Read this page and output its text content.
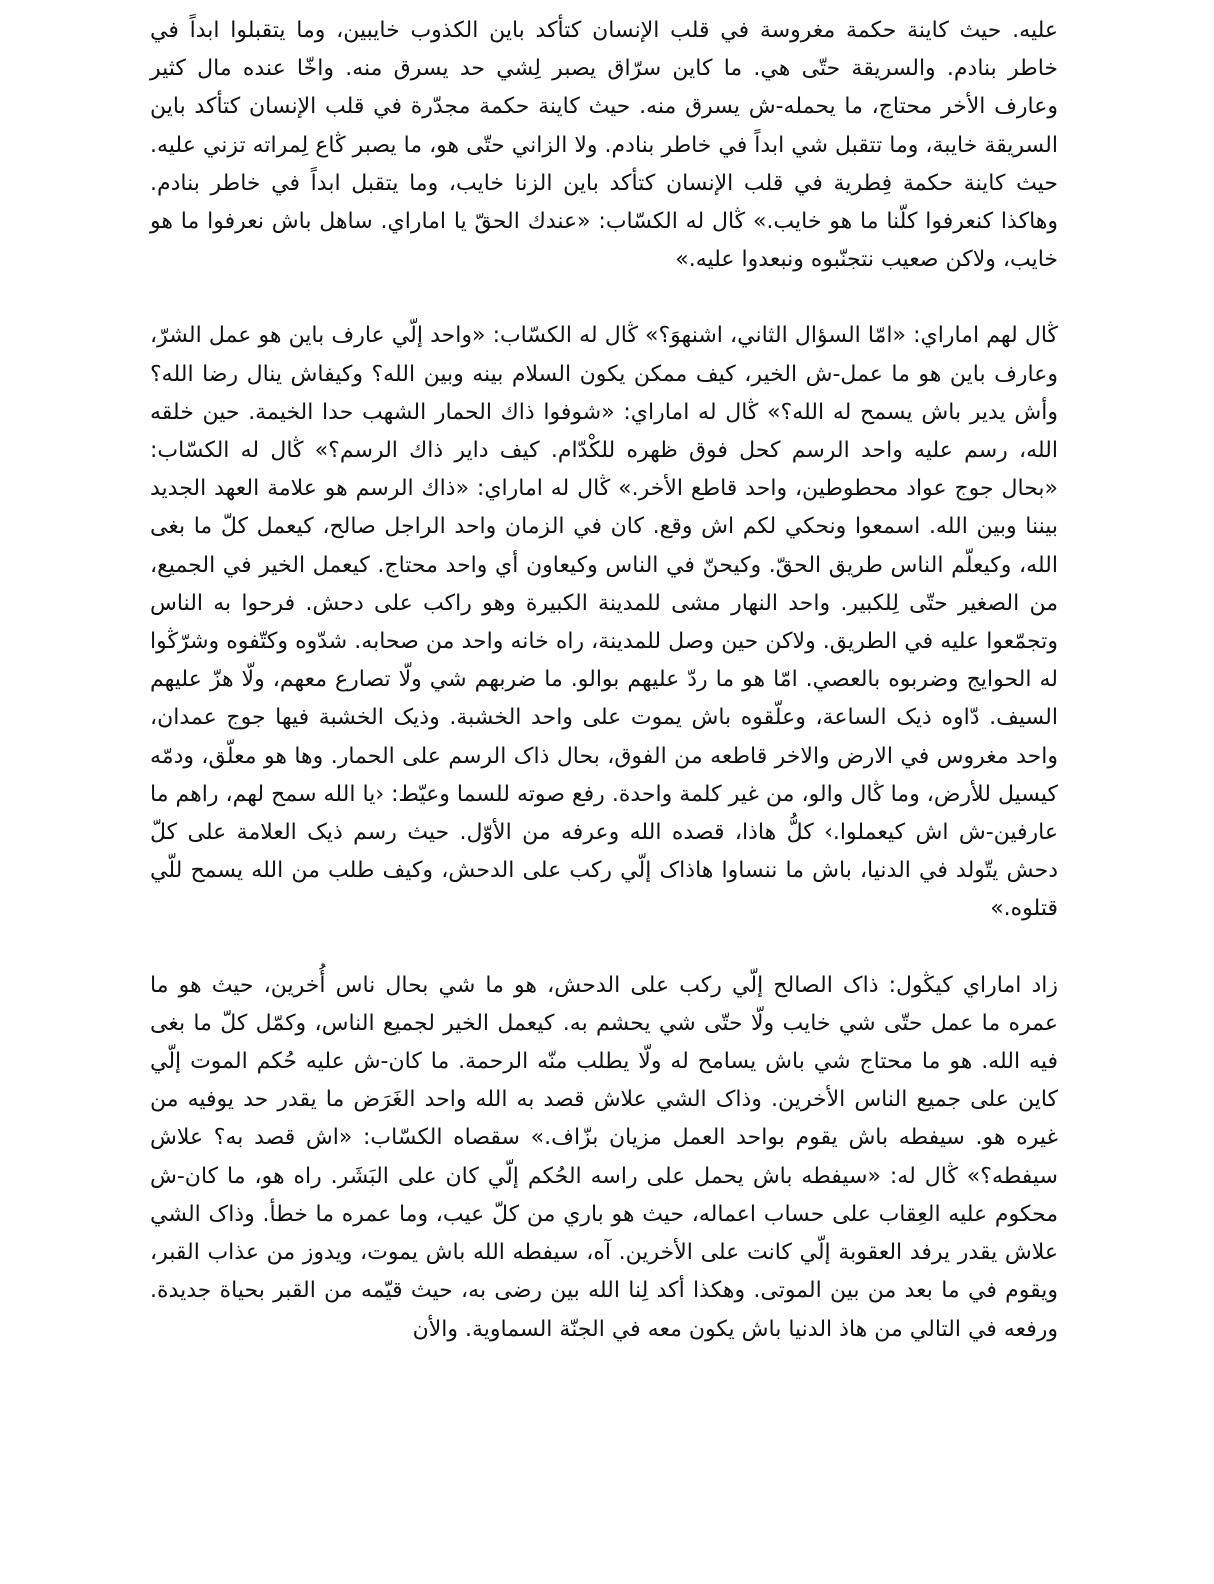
عليه. حيث كاينة حكمة مغروسة في قلب الإنسان كتأكد باين الكذوب خايبين، وما يتقبلوا ابداً في خاطر بنادم. والسريقة حتّى هي. ما كاين سرّاق يصبر لِشي حد يسرق منه. واخّا عنده مال كثير وعارف الأخر محتاج، ما يحمله-ش يسرق منه. حيث كاينة حكمة مجدّرة في قلب الإنسان كتأكد باين السريقة خايبة، وما تتقبل شي ابداً في خاطر بنادم. ولا الزاني حتّى هو، ما يصبر ڭاع لِمراته تزني عليه. حيث كاينة حكمة فِطرية في قلب الإنسان كتأكد باين الزنا خايب، وما يتقبل ابداً في خاطر بنادم. وهاكذا كنعرفوا كلّنا ما هو خايب.» ڭال له الكسّاب: «عندك الحقّ يا اماراي. ساهل باش نعرفوا ما هو خايب، ولاكن صعيب نتجنّبوه ونبعدوا عليه.»

ڭال لهم اماراي: «امّا السؤال الثاني، اشنهوَ؟» ڭال له الكسّاب: «واحد إلّي عارف باين هو عمل الشرّ، وعارف باين هو ما عمل-ش الخير، كيف ممكن يكون السلام بينه وبين الله؟ وكيفاش ينال رضا الله؟ وأش يدير باش يسمح له الله؟» ڭال له اماراي: «شوفوا ذاك الحمار الشهب حدا الخيمة. حين خلقه الله، رسم عليه واحد الرسم كحل فوق ظهره للكْدّام. كيف داير ذاك الرسم؟» ڭال له الكسّاب: «بحال جوج عواد محطوطين، واحد قاطع الأخر.» ڭال له اماراي: «ذاك الرسم هو علامة العهد الجديد بيننا وبين الله. اسمعوا ونحكي لكم اش وقع. كان في الزمان واحد الراجل صالح، كيعمل كلّ ما بغى الله، وكيعلّم الناس طريق الحقّ. وكيحنّ في الناس وكيعاون أي واحد محتاج. كيعمل الخير في الجميع، من الصغير حتّى لِلكبير. واحد النهار مشى للمدينة الكبيرة وهو راكب على دحش. فرحوا به الناس وتجمّعوا عليه في الطريق. ولاكن حين وصل للمدينة، راه خانه واحد من صحابه. شدّوه وكتّفوه وشرّڭوا له الحوايج وضربوه بالعصي. امّا هو ما ردّ عليهم بوالو. ما ضربهم شي ولّا تصارع معهم، ولّا هزّ عليهم السيف. دّاوه ذيک الساعة، وعلّقوه باش يموت على واحد الخشبة. وذيک الخشبة فيها جوج عمدان، واحد مغروس في الارض والاخر قاطعه من الفوق، بحال ذاک الرسم على الحمار. وها هو معلّق، ودمّه كيسيل للأرض، وما ڭال والو، من غير كلمة واحدة. رفع صوته للسما وعيّط: ‹يا الله سمح لهم، راهم ما عارفين-ش اش كيعملوا.› كلُّ هاذا، قصده الله وعرفه من الأوّل. حيث رسم ذيک العلامة على كلّ دحش يتّولد في الدنيا، باش ما ننساوا هاذاک إلّي ركب على الدحش، وكيف طلب من الله يسمح للّي قتلوه.»

زاد اماراي كيڭول: ذاک الصالح إلّي ركب على الدحش، هو ما شي بحال ناس أُخرين، حيث هو ما عمره ما عمل حتّى شي خايب ولّا حتّى شي يحشم به. كيعمل الخير لجميع الناس، وكمّل كلّ ما بغى فيه الله. هو ما محتاج شي باش يسامح له ولّا يطلب منّه الرحمة. ما كان-ش عليه حُكم الموت إلّي كاين على جميع الناس الأخرين. وذاک الشي علاش قصد به الله واحد الغَرَض ما يقدر حد يوفيه من غيره هو. سيفطه باش يقوم بواحد العمل مزيان بزّاف.» سقصاه الكسّاب: «اش قصد به؟ علاش سيفطه؟» ڭال له: «سيفطه باش يحمل على راسه الحُكم إلّي كان على البَشَر. راه هو، ما كان-ش محكوم عليه العِقاب على حساب اعماله، حيث هو باري من كلّ عيب، وما عمره ما خطأ. وذاک الشي علاش يقدر يرفد العقوبة إلّي كانت على الأخرين. آه، سيفطه الله باش يموت، ويدوز من عذاب القبر، ويقوم في ما بعد من بين الموتى. وهكذا أكد لِنا الله بين رضى به، حيث قيّمه من القبر بحياة جديدة. ورفعه في التالي من هاذ الدنيا باش يكون معه في الجنّة السماوية. والأن
